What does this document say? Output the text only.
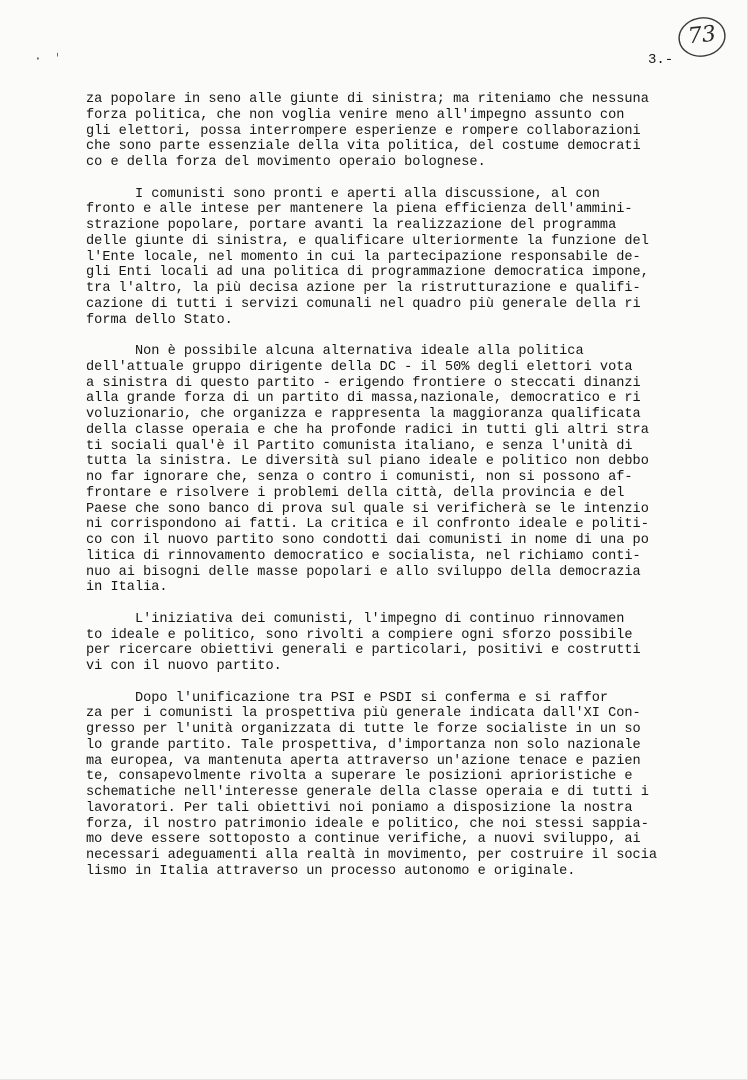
· ˈ
73
3.-
za popolare in seno alle giunte di sinistra; ma riteniamo che nessuna
forza politica, che non voglia venire meno all'impegno assunto con
gli elettori, possa interrompere esperienze e rompere collaborazioni
che sono parte essenziale della vita politica, del costume democrati
co e della forza del movimento operaio bolognese.
I comunisti sono pronti e aperti alla discussione, al con
fronto e alle intese per mantenere la piena efficienza dell'ammini-
strazione popolare, portare avanti la realizzazione del programma
delle giunte di sinistra, e qualificare ulteriormente la funzione del
l'Ente locale, nel momento in cui la partecipazione responsabile de-
gli Enti locali ad una politica di programmazione democratica impone,
tra l'altro, la più decisa azione per la ristrutturazione e qualifi-
cazione di tutti i servizi comunali nel quadro più generale della ri
forma dello Stato.
Non è possibile alcuna alternativa ideale alla politica
dell'attuale gruppo dirigente della DC - il 50% degli elettori vota
a sinistra di questo partito - erigendo frontiere o steccati dinanzi
alla grande forza di un partito di massa,nazionale, democratico e ri
voluzionario, che organizza e rappresenta la maggioranza qualificata
della classe operaia e che ha profonde radici in tutti gli altri stra
ti sociali qual'è il Partito comunista italiano, e senza l'unità di
tutta la sinistra. Le diversità sul piano ideale e politico non debbo
no far ignorare che, senza o contro i comunisti, non si possono af-
frontare e risolvere i problemi della città, della provincia e del
Paese che sono banco di prova sul quale si verificherà se le intenzio
ni corrispondono ai fatti. La critica e il confronto ideale e politi-
co con il nuovo partito sono condotti dai comunisti in nome di una po
litica di rinnovamento democratico e socialista, nel richiamo conti-
nuo ai bisogni delle masse popolari e allo sviluppo della democrazia
in Italia.
L'iniziativa dei comunisti, l'impegno di continuo rinnovamen
to ideale e politico, sono rivolti a compiere ogni sforzo possibile
per ricercare obiettivi generali e particolari, positivi e costrutti
vi con il nuovo partito.
Dopo l'unificazione tra PSI e PSDI si conferma e si raffor
za per i comunisti la prospettiva più generale indicata dall'XI Con-
gresso per l'unità organizzata di tutte le forze socialiste in un so
lo grande partito. Tale prospettiva, d'importanza non solo nazionale
ma europea, va mantenuta aperta attraverso un'azione tenace e pazien
te, consapevolmente rivolta a superare le posizioni aprioristiche e
schematiche nell'interesse generale della classe operaia e di tutti i
lavoratori. Per tali obiettivi noi poniamo a disposizione la nostra
forza, il nostro patrimonio ideale e politico, che noi stessi sappia-
mo deve essere sottoposto a continue verifiche, a nuovi sviluppo, ai
necessari adeguamenti alla realtà in movimento, per costruire il socia
lismo in Italia attraverso un processo autonomo e originale.
